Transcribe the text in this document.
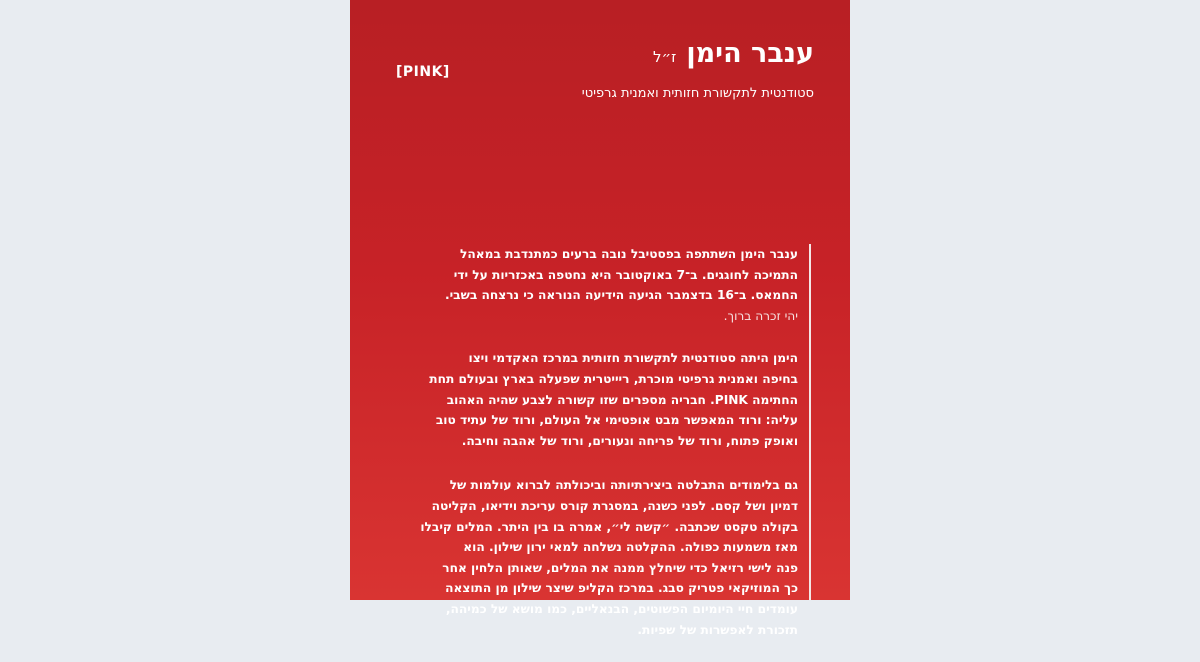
ענבר הימן
ז״ל
[PINK]
סטודנטית לתקשורת חזותית ואמנית גרפיטי

ענבר הימן השתתפה בפסטיבל נובה ברעים כמתנדבת במאהל
התמיכה לחוגגים. ב־7 באוקטובר היא נחטפה באכזריות על ידי
החמאס. ב־16 בדצמבר הגיעה הידיעה הנוראה כי נרצחה בשבי.
יהי זכרה ברוך.

הימן היתה סטודנטית לתקשורת חזותית במרכז האקדמי ויצו
בחיפה ואמנית גרפיטי מוכרת, ריייטרית שפעלה בארץ ובעולם תחת
החתימה PINK. חבריה מספרים שזו קשורה לצבע שהיה האהוב
עליה: ורוד המאפשר מבט אופטימי אל העולם, ורוד של עתיד טוב
ואופק פתוח, ורוד של פריחה ונעורים, ורוד של אהבה וחיבה.

גם בלימודים התבלטה ביצירתיותה וביכולתה לברוא עולמות של
דמיון ושל קסם. לפני כשנה, במסגרת קורס עריכת וידיאו, הקליטה
בקולה טקסט שכתבה. ״קשה לי״, אמרה בו בין היתר. המלים קיבלו
מאז משמעות כפולה. ההקלטה נשלחה למאי ירון שילון. הוא
פנה לישי רזיאל כדי שיחלץ ממנה את המלים, שאותן הלחין אחר
כך המוזיקאי פטריק סבג. במרכז הקליפ שיצר שילון מן התוצאה
עומדים חיי היומיום הפשוטים, הבנאליים, כמו מושא של כמיהה,
תזכורת לאפשרות של שפיות.
